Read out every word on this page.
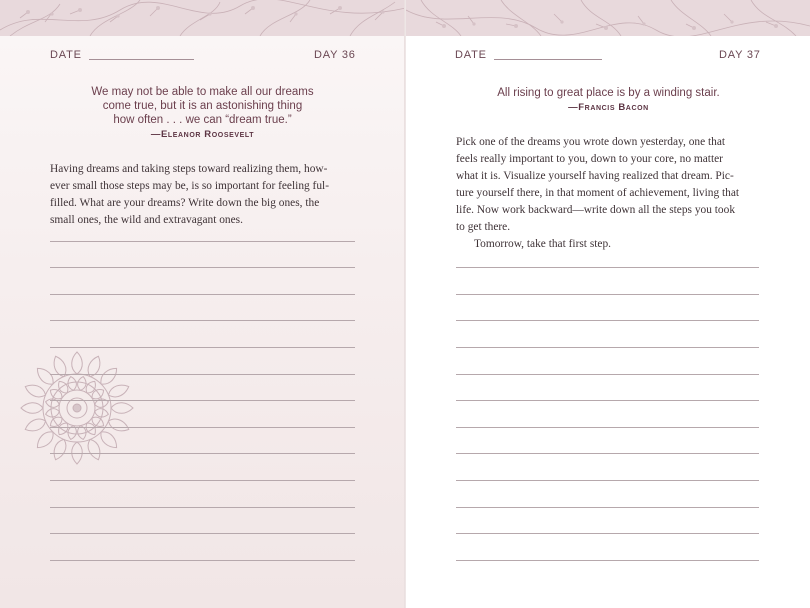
DATE	DAY 36
We may not be able to make all our dreams
come true, but it is an astonishing thing
how often . . . we can “dream true.”
—Eleanor Roosevelt
Having dreams and taking steps toward realizing them, how-
ever small those steps may be, is so important for feeling ful-
filled. What are your dreams? Write down the big ones, the
small ones, the wild and extravagant ones.
DATE	DAY 37
All rising to great place is by a winding stair.
—Francis Bacon
Pick one of the dreams you wrote down yesterday, one that
feels really important to you, down to your core, no matter
what it is. Visualize yourself having realized that dream. Pic-
ture yourself there, in that moment of achievement, living that
life. Now work backward—write down all the steps you took
to get there.
Tomorrow, take that first step.
